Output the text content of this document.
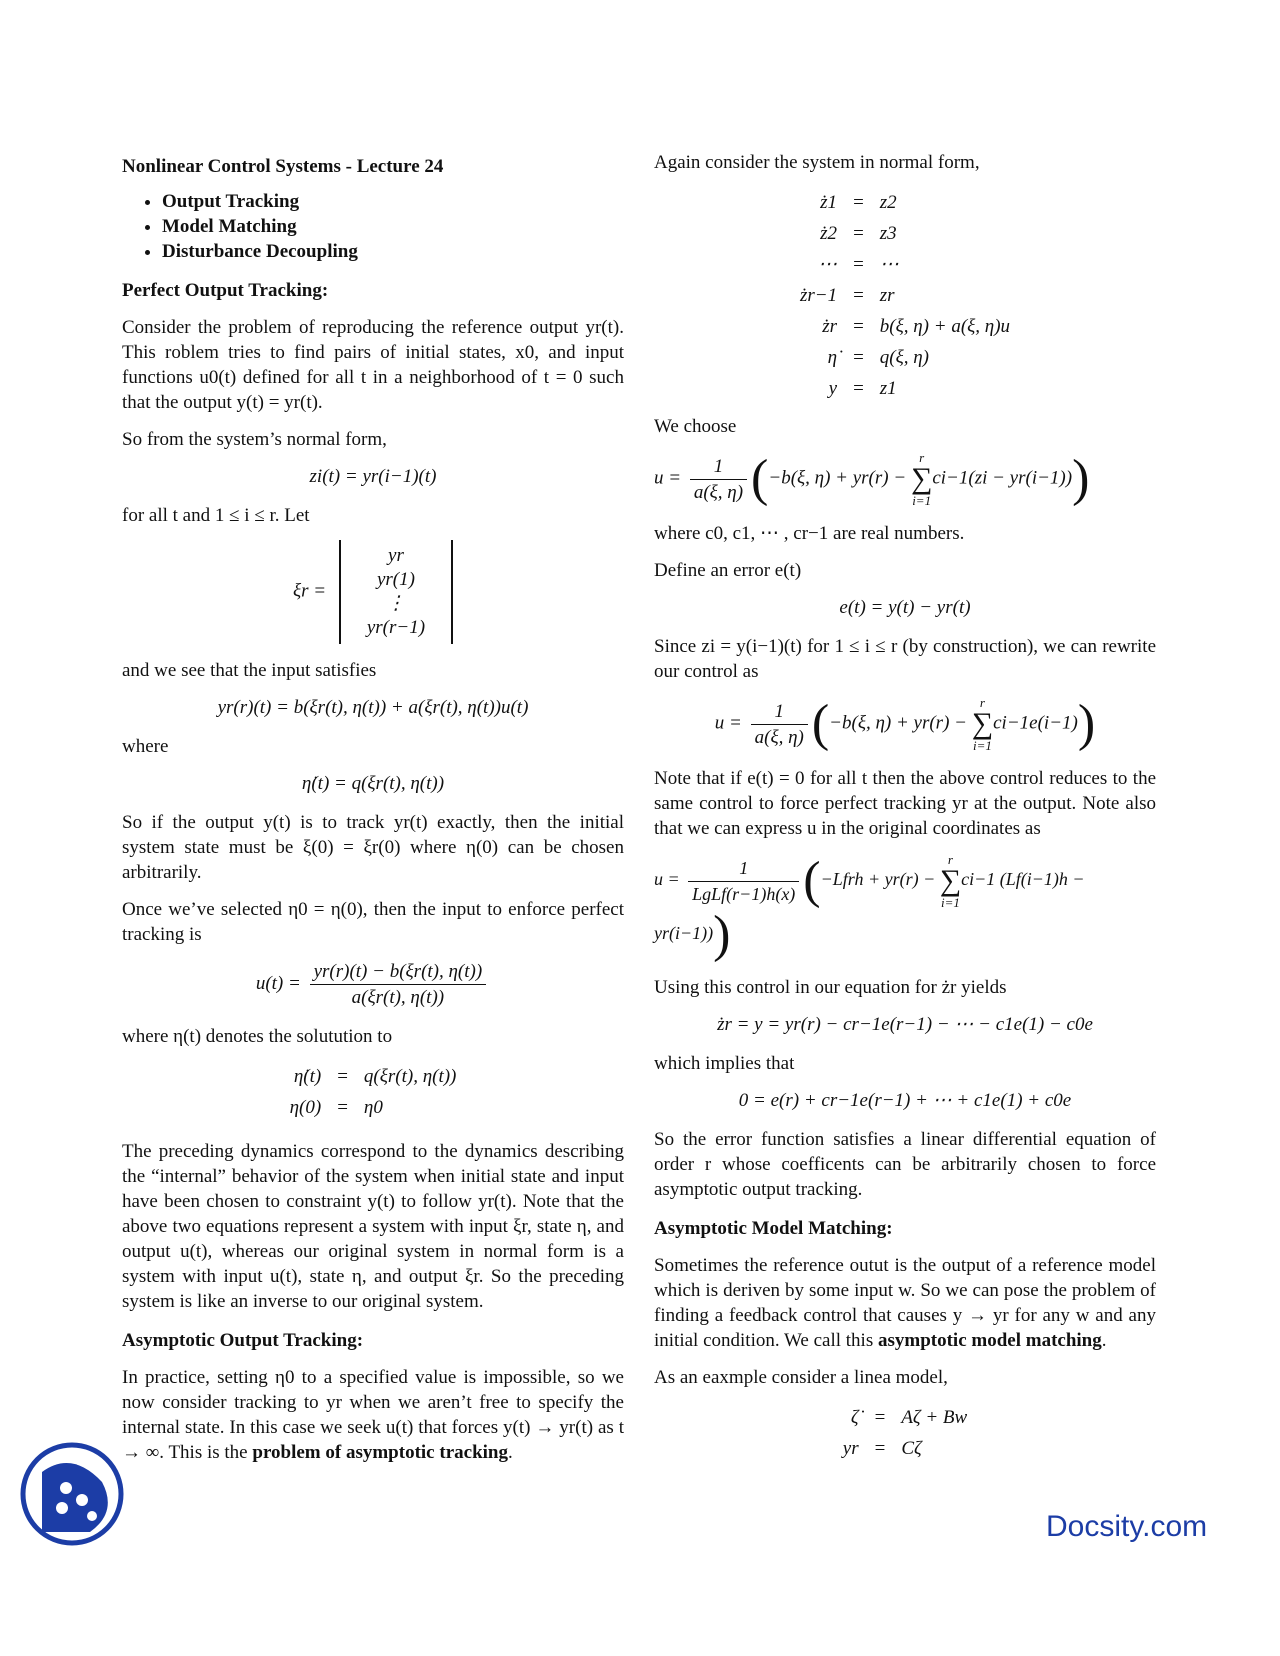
Nonlinear Control Systems - Lecture 24
• Output Tracking
• Model Matching
• Disturbance Decoupling
Perfect Output Tracking:

Consider the problem of reproducing the reference output yr(t). This roblem tries to find pairs of initial states, x0, and input functions u0(t) defined for all t in a neighborhood of t = 0 such that the output y(t) = yr(t).

So from the system’s normal form,

zi(t) = yr(i−1)(t)

for all t and 1 ≤ i ≤ r. Let

ξr =
yr
yr(1)
⋮
yr(r−1)

and we see that the input satisfies

yr(r)(t) = b(ξr(t), η(t)) + a(ξr(t), η(t))u(t)

where

η̇(t) = q(ξr(t), η(t))

So if the output y(t) is to track yr(t) exactly, then the initial system state must be ξ(0) = ξr(0) where η(0) can be chosen arbitrarily.

Once we’ve selected η0 = η(0), then the input to enforce perfect tracking is

$u(t) = \frac{yr(r)(t) - b(\xi r(t), \eta(t))}{a(\xi r(t), \eta(t))}$

where η(t) denotes the solutution to

η̇(t)	=	q(ξr(t), η(t))
η(0)	=	η0

The preceding dynamics correspond to the dynamics describing the “internal” behavior of the system when initial state and input have been chosen to constraint y(t) to follow yr(t). Note that the above two equations represent a system with input ξr, state η, and output u(t), whereas our original system in normal form is a system with input u(t), state η, and output ξr. So the preceding system is like an inverse to our original system.

Asymptotic Output Tracking:

In practice, setting η0 to a specified value is impossible, so we now consider tracking to yr when we aren’t free to specify the internal state. In this case we seek u(t) that forces y(t) → yr(t) as t → ∞. This is the problem of asymptotic tracking.

Again consider the system in normal form,

ż1	=	z2
ż2	=	z3
⋯	=	⋯
żr−1	=	zr
żr	=	b(ξ, η) + a(ξ, η)u
η̇	=	q(ξ, η)
y	=	z1

We choose

$u = \frac{1}{a(\xi, \eta)} (-b(\xi$, η) + yr(r) −
r
∑
i=1
ci−1(zi − yr(i−1)))

where c0, c1, ⋯ , cr−1 are real numbers.

Define an error e(t)

e(t) = y(t) − yr(t)

Since zi = y(i−1)(t) for 1 ≤ i ≤ r (by construction), we can rewrite our control as

$u = \frac{1}{a(\xi, \eta)} (-b(\xi$, η) + yr(r) −
r
∑
i=1
ci−1e(i−1))

Note that if e(t) = 0 for all t then the above control reduces to the same control to force perfect tracking yr at the output. Note also that we can express u in the original coordinates as

$u = \frac{1}{\text{LgLf(r−1)h(x)}}$ (−Lfrh + yr(r) −
r
∑
i=1
ci−1 (Lf(i−1)h − yr(i−1)))

Using this control in our equation for żr yields

żr = y = yr(r) − cr−1e(r−1) − ⋯ − c1e(1) − c0e

which implies that

0 = e(r) + cr−1e(r−1) + ⋯ + c1e(1) + c0e

So the error function satisfies a linear differential equation of order r whose coefficents can be arbitrarily chosen to force asymptotic output tracking.

Asymptotic Model Matching:

Sometimes the reference outut is the output of a reference model which is deriven by some input w. So we can pose the problem of finding a feedback control that causes y → yr for any w and any initial condition. We call this asymptotic model matching.

As an eaxmple consider a linea model,

ζ̇	=	Aζ + Bw
yr	=	Cζ
Docsity.com
